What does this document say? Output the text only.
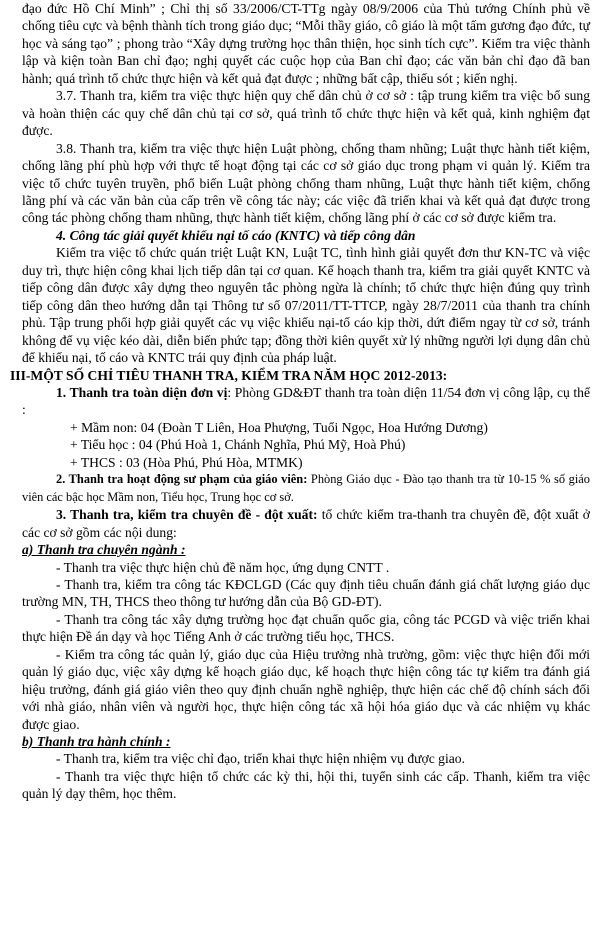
đạo đức Hồ Chí Minh” ; Chỉ thị số 33/2006/CT-TTg ngày 08/9/2006 của Thủ tướng Chính phủ về chống tiêu cực và bệnh thành tích trong giáo dục; “Mỗi thầy giáo, cô giáo là một tấm gương đạo đức, tự học và sáng tạo” ; phong trào “Xây dựng trường học thân thiện, học sinh tích cực”. Kiểm tra việc thành lập và kiện toàn Ban chỉ đạo; nghị quyết các cuộc họp của Ban chỉ đạo; các văn bản chỉ đạo đã ban hành; quá trình tổ chức thực hiện và kết quả đạt được ; những bất cập, thiếu sót ; kiến nghị.

3.7. Thanh tra, kiểm tra việc thực hiện quy chế dân chủ ở cơ sở : tập trung kiểm tra việc bổ sung và hoàn thiện các quy chế dân chủ tại cơ sở, quá trình tổ chức thực hiện và kết quả, kinh nghiệm đạt được.

3.8. Thanh tra, kiểm tra việc thực hiện Luật phòng, chống tham nhũng; Luật thực hành tiết kiệm, chống lãng phí phù hợp với thực tế hoạt động tại các cơ sở giáo dục trong phạm vi quản lý. Kiểm tra việc tổ chức tuyên truyền, phổ biến Luật phòng chống tham nhũng, Luật thực hành tiết kiệm, chống lãng phí và các văn bản của cấp trên về công tác này; các việc đã triển khai và kết quả đạt được trong công tác phòng chống tham nhũng, thực hành tiết kiệm, chống lãng phí ở các cơ sở được kiểm tra.

4. Công tác giải quyết khiếu nại tố cáo (KNTC) và tiếp công dân

Kiểm tra việc tổ chức quán triệt Luật KN, Luật TC, tình hình giải quyết đơn thư KN-TC và việc duy trì, thực hiện công khai lịch tiếp dân tại cơ quan. Kế hoạch thanh tra, kiểm tra giải quyết KNTC và tiếp công dân được xây dựng theo nguyên tắc phòng ngừa là chính; tổ chức thực hiện đúng quy trình tiếp công dân theo hướng dẫn tại Thông tư số 07/2011/TT-TTCP, ngày 28/7/2011 của thanh tra chính phủ. Tập trung phối hợp giải quyết các vụ việc khiếu nại-tố cáo kịp thời, dứt điểm ngay từ cơ sở, tránh không để vụ việc kéo dài, diễn biến phức tạp; đồng thời kiên quyết xử lý những người lợi dụng dân chủ để khiếu nại, tố cáo và KNTC trái quy định của pháp luật.

III-MỘT SỐ CHỈ TIÊU THANH TRA, KIỂM TRA NĂM HỌC 2012-2013:

1. Thanh tra toàn diện đơn vị: Phòng GD&ĐT thanh tra toàn diện 11/54 đơn vị công lập, cụ thể :

+ Mầm non: 04 (Đoàn T Liên, Hoa Phượng, Tuổi Ngọc, Hoa Hướng Dương)

+ Tiểu học : 04 (Phú Hoà 1, Chánh Nghĩa, Phú Mỹ, Hoà Phú)

+ THCS : 03 (Hòa Phú, Phú Hòa, MTMK)

2. Thanh tra hoạt động sư phạm của giáo viên: Phòng Giáo dục - Đào tạo thanh tra từ 10-15 % số giáo viên các bậc học Mầm non, Tiểu học, Trung học cơ sở.

3. Thanh tra, kiểm tra chuyên đề - đột xuất: tổ chức kiểm tra-thanh tra chuyên đề, đột xuất ở các cơ sở gồm các nội dung:

a) Thanh tra chuyên ngành :

- Thanh tra việc thực hiện chủ đề năm học, ứng dụng CNTT .

- Thanh tra, kiểm tra công tác KĐCLGD (Các quy định tiêu chuẩn đánh giá chất lượng giáo dục trường MN, TH, THCS theo thông tư hướng dẫn của Bộ GD-ĐT).

- Thanh tra công tác xây dựng trường học đạt chuẩn quốc gia, công tác PCGD và việc triển khai thực hiện Đề án dạy và học Tiếng Anh ở các trường tiểu học, THCS.

- Kiểm tra công tác quản lý, giáo dục của Hiệu trưởng nhà trường, gồm: việc thực hiện đổi mới quản lý giáo dục, việc xây dựng kế hoạch giáo dục, kế hoạch thực hiện công tác tự kiểm tra đánh giá hiệu trưởng, đánh giá giáo viên theo quy định chuẩn nghề nghiệp, thực hiện các chế độ chính sách đối với nhà giáo, nhân viên và người học, thực hiện công tác xã hội hóa giáo dục và các nhiệm vụ khác được giao.

b) Thanh tra hành chính :

- Thanh tra, kiểm tra việc chỉ đạo, triển khai thực hiện nhiệm vụ được giao.

- Thanh tra việc thực hiện tổ chức các kỳ thi, hội thi, tuyển sinh các cấp. Thanh, kiểm tra việc quản lý dạy thêm, học thêm.
